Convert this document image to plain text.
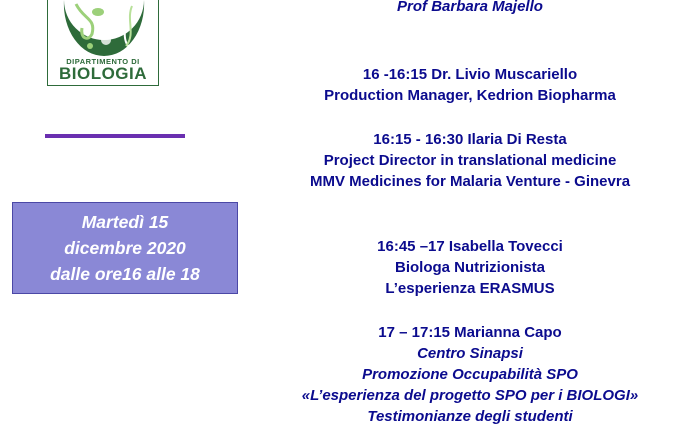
DIPARTIMENTO DI
BIOLOGIA
Martedì 15
dicembre 2020
dalle ore16 alle 18
Prof Barbara Majello
16 -16:15 Dr. Livio Muscariello
Production Manager, Kedrion Biopharma
16:15 - 16:30 Ilaria Di Resta
Project Director in translational medicine
MMV Medicines for Malaria Venture - Ginevra
16:45 –17 Isabella Tovecci
Biologa Nutrizionista
L’esperienza ERASMUS
17 – 17:15 Marianna Capo
Centro Sinapsi
Promozione Occupabilità SPO
«L’esperienza del progetto SPO per i BIOLOGI»
Testimonianze degli studenti
